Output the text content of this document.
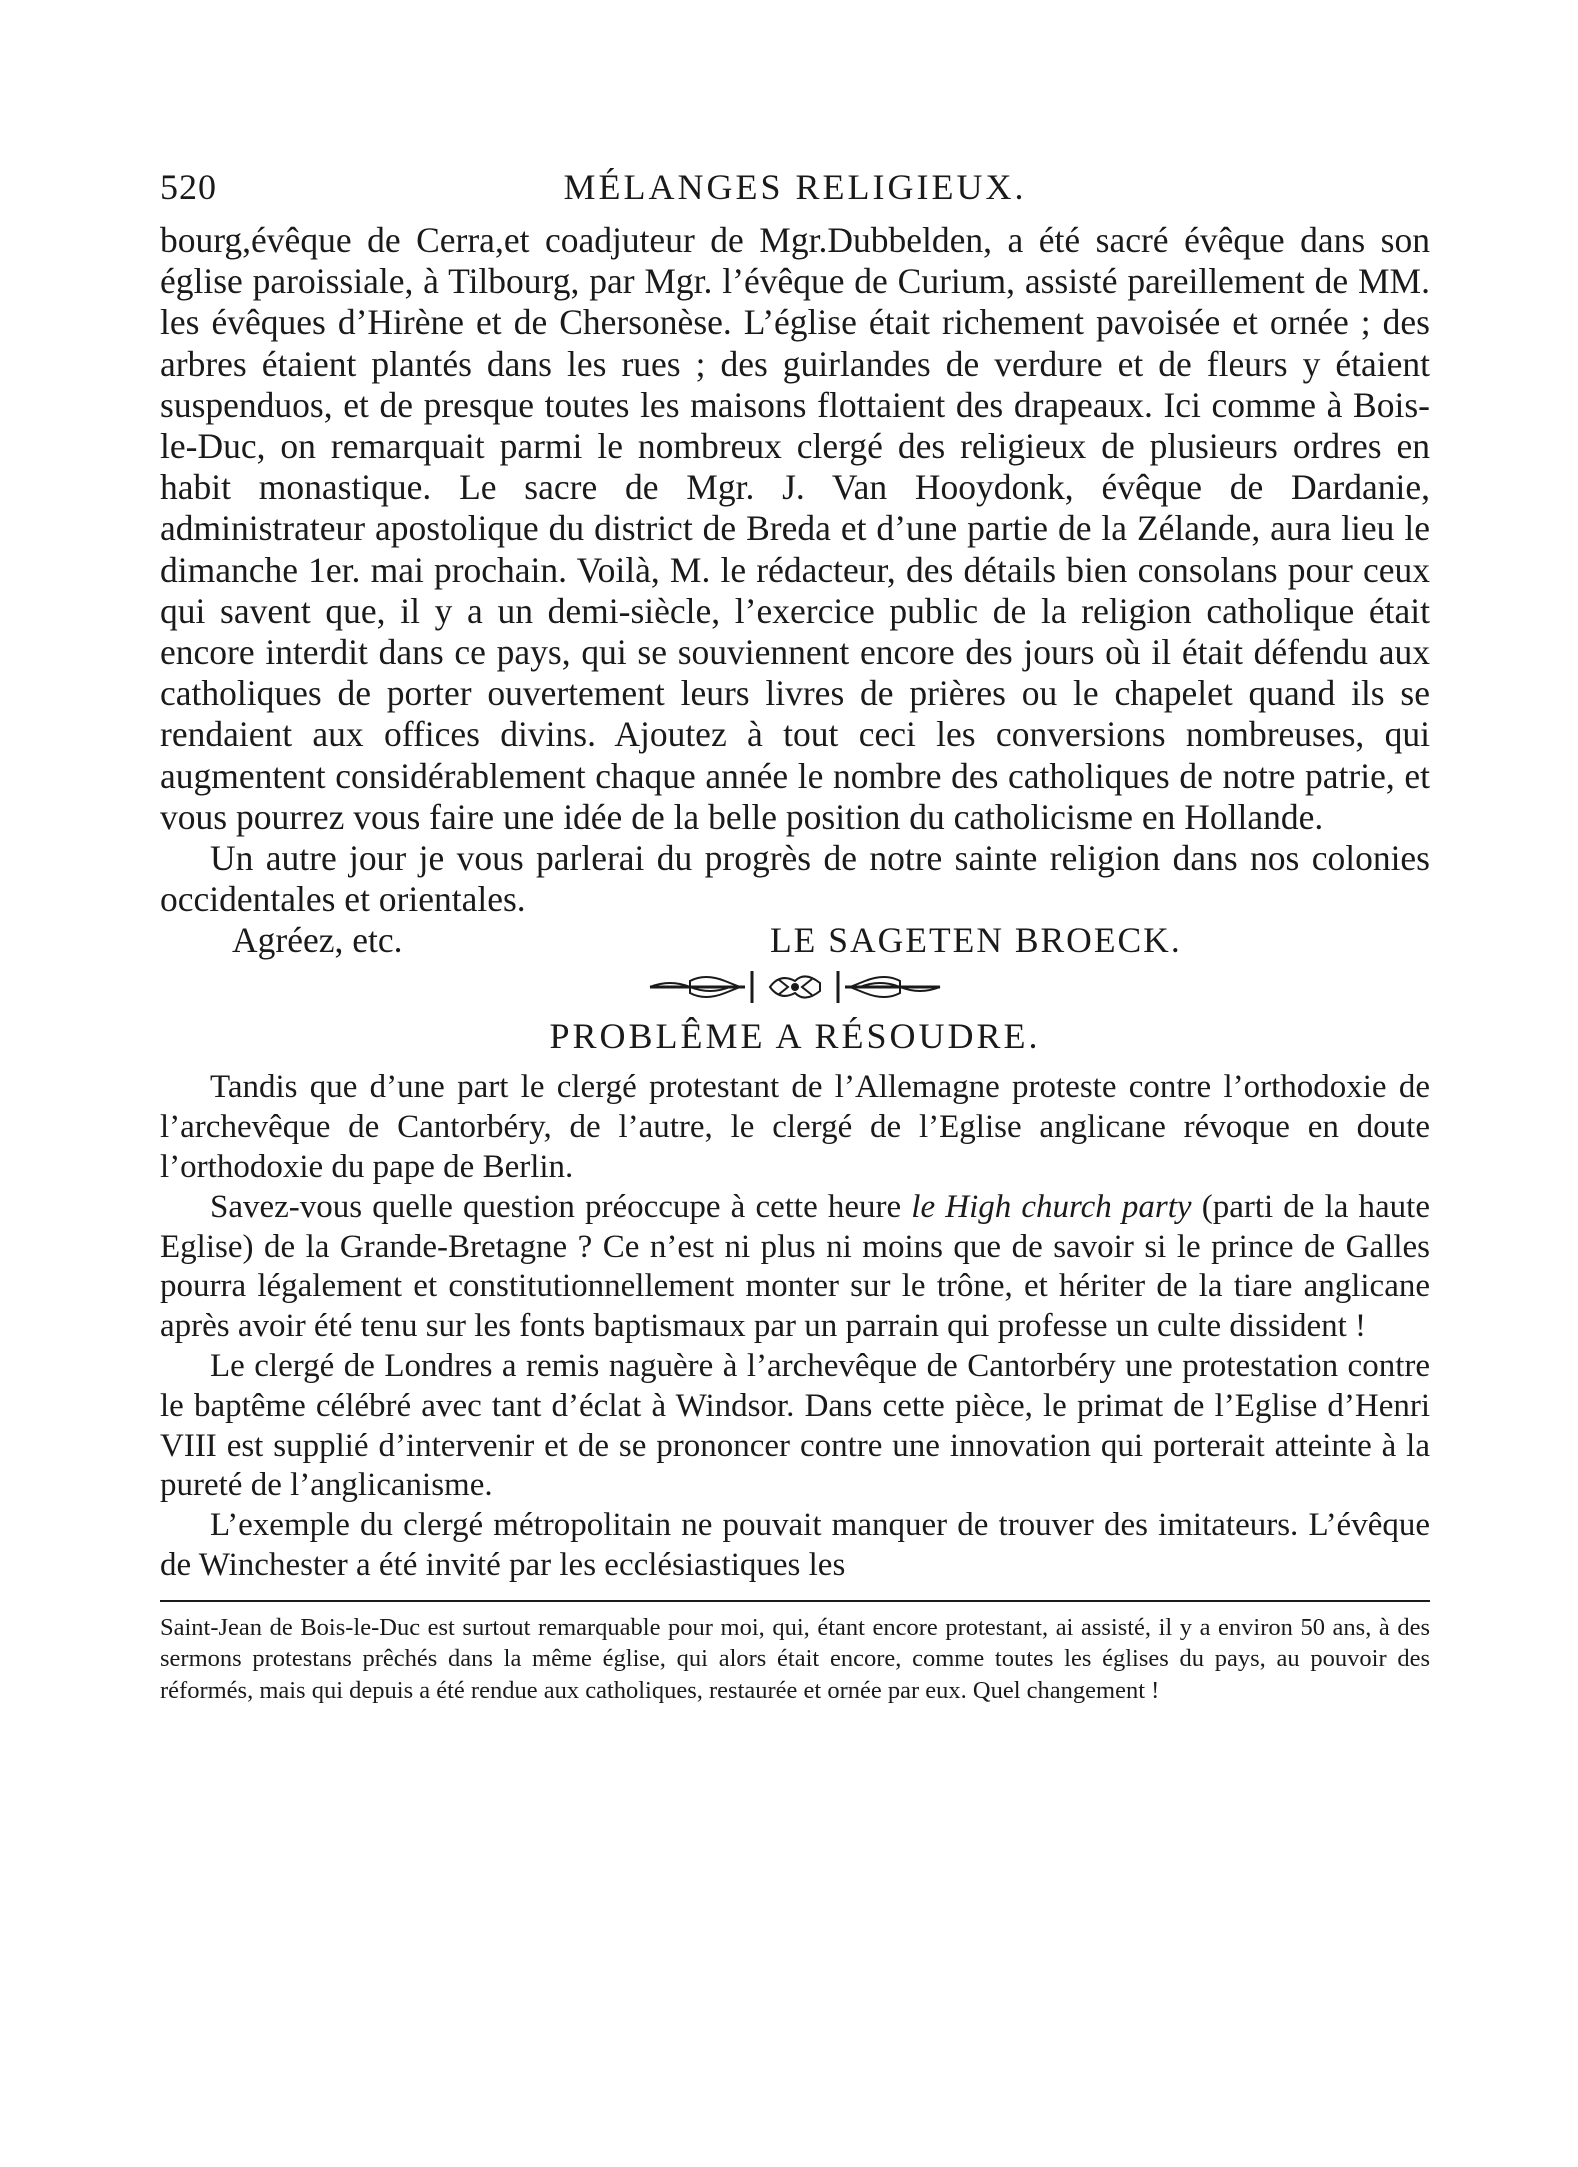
520	MÉLANGES RELIGIEUX.

bourg,évêque de Cerra,et coadjuteur de Mgr.Dubbelden, a été sacré évêque dans son église paroissiale, à Tilbourg, par Mgr. l’évêque de Curium, assisté pareillement de MM. les évêques d’Hirène et de Chersonèse. L’église était richement pavoisée et ornée ; des arbres étaient plantés dans les rues ; des guirlandes de verdure et de fleurs y étaient suspenduos, et de presque toutes les maisons flottaient des drapeaux. Ici comme à Bois-le-Duc, on remarquait parmi le nombreux clergé des religieux de plusieurs ordres en habit monastique. Le sacre de Mgr. J. Van Hooydonk, évêque de Dardanie, administrateur apostolique du district de Breda et d’une partie de la Zélande, aura lieu le dimanche 1er. mai prochain. Voilà, M. le rédacteur, des détails bien consolans pour ceux qui savent que, il y a un demi-siècle, l’exercice public de la religion catholique était encore interdit dans ce pays, qui se souviennent encore des jours où il était défendu aux catholiques de porter ouvertement leurs livres de prières ou le chapelet quand ils se rendaient aux offices divins. Ajoutez à tout ceci les conversions nombreuses, qui augmentent considérablement chaque année le nombre des catholiques de notre patrie, et vous pourrez vous faire une idée de la belle position du catholicisme en Hollande.

Un autre jour je vous parlerai du progrès de notre sainte religion dans nos colonies occidentales et orientales.

Agréez, etc.	LE SAGETEN BROECK.
PROBLÊME A RÉSOUDRE.

Tandis que d’une part le clergé protestant de l’Allemagne proteste contre l’orthodoxie de l’archevêque de Cantorbéry, de l’autre, le clergé de l’Eglise anglicane révoque en doute l’orthodoxie du pape de Berlin.

Savez-vous quelle question préoccupe à cette heure le High church party (parti de la haute Eglise) de la Grande-Bretagne ? Ce n’est ni plus ni moins que de savoir si le prince de Galles pourra légalement et constitutionnellement monter sur le trône, et hériter de la tiare anglicane après avoir été tenu sur les fonts baptismaux par un parrain qui professe un culte dissident !

Le clergé de Londres a remis naguère à l’archevêque de Cantorbéry une protestation contre le baptême célébré avec tant d’éclat à Windsor. Dans cette pièce, le primat de l’Eglise d’Henri VIII est supplié d’intervenir et de se prononcer contre une innovation qui porterait atteinte à la pureté de l’anglicanisme.

L’exemple du clergé métropolitain ne pouvait manquer de trouver des imitateurs. L’évêque de Winchester a été invité par les ecclésiastiques les

Saint-Jean de Bois-le-Duc est surtout remarquable pour moi, qui, étant encore protestant, ai assisté, il y a environ 50 ans, à des sermons protestans prêchés dans la même église, qui alors était encore, comme toutes les églises du pays, au pouvoir des réformés, mais qui depuis a été rendue aux catholiques, restaurée et ornée par eux. Quel changement !
